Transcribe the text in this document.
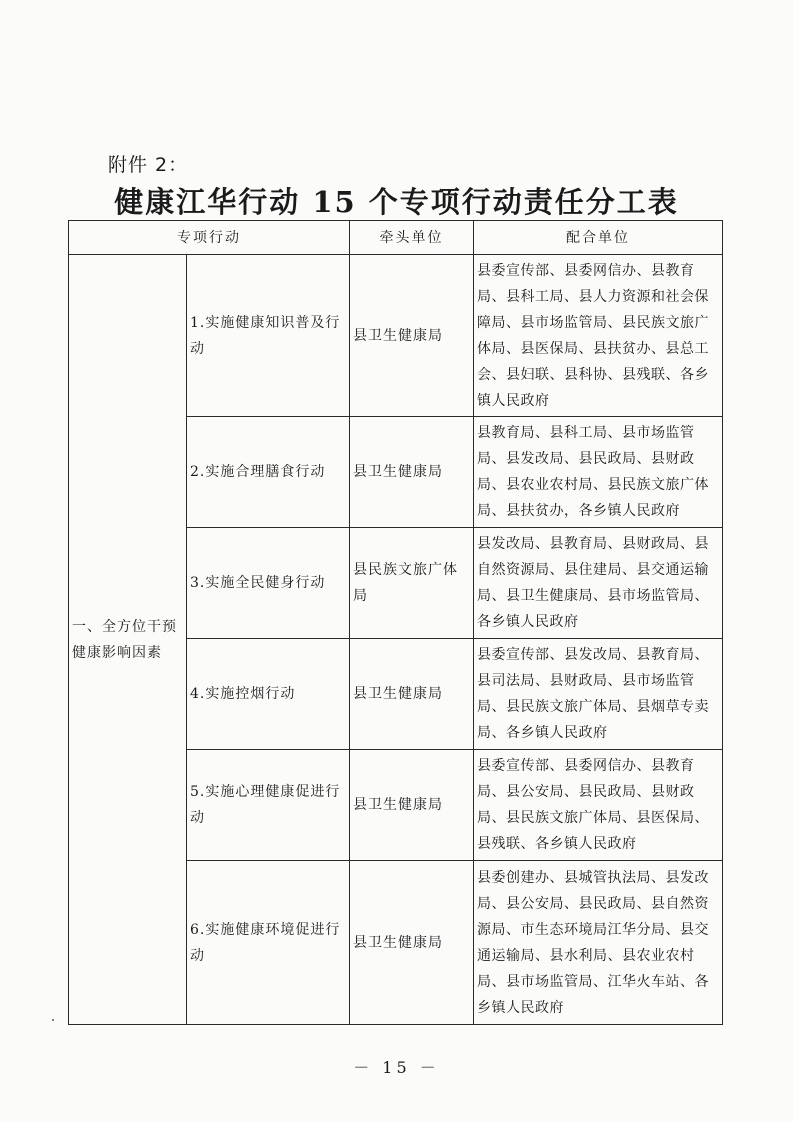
附件 2：
健康江华行动 15 个专项行动责任分工表
专项行动		牵头单位	配合单位
一、全方位干预健康影响因素	1.实施健康知识普及行动	县卫生健康局	县委宣传部、县委网信办、县教育局、县科工局、县人力资源和社会保障局、县市场监管局、县民族文旅广体局、县医保局、县扶贫办、县总工会、县妇联、县科协、县残联、各乡镇人民政府
	2.实施合理膳食行动	县卫生健康局	县教育局、县科工局、县市场监管局、县发改局、县民政局、县财政局、县农业农村局、县民族文旅广体局、县扶贫办，各乡镇人民政府
	3.实施全民健身行动	县民族文旅广体局	县发改局、县教育局、县财政局、县自然资源局、县住建局、县交通运输局、县卫生健康局、县市场监管局、各乡镇人民政府
	4.实施控烟行动	县卫生健康局	县委宣传部、县发改局、县教育局、县司法局、县财政局、县市场监管局、县民族文旅广体局、县烟草专卖局、各乡镇人民政府
	5.实施心理健康促进行动	县卫生健康局	县委宣传部、县委网信办、县教育局、县公安局、县民政局、县财政局、县民族文旅广体局、县医保局、县残联、各乡镇人民政府
	6.实施健康环境促进行动	县卫生健康局	县委创建办、县城管执法局、县发改局、县公安局、县民政局、县自然资源局、市生态环境局江华分局、县交通运输局、县水利局、县农业农村局、县市场监管局、江华火车站、各乡镇人民政府
－ 15 －
